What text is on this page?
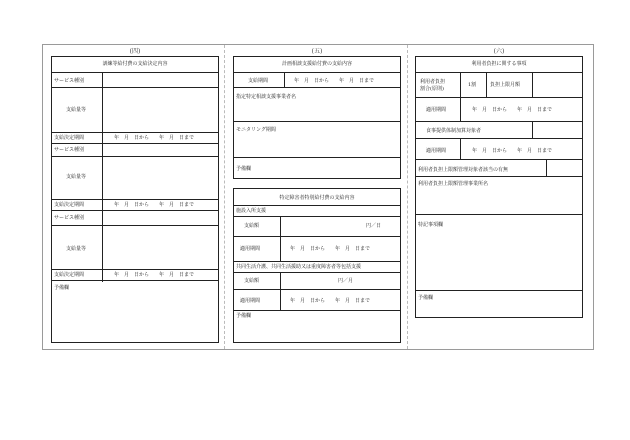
(四)
訓練等給付費の支給決定内容
サービス種別
支給量等
支給決定期間	年　月　日から　　年　月　日まで
サービス種別
支給量等
支給決定期間	年　月　日から　　年　月　日まで
サービス種別
支給量等
支給決定期間	年　月　日から　　年　月　日まで
予備欄
(五)
計画相談支援給付費の支給内容
支給期間	年　月　日から　　年　月　日まで
指定特定相談支援事業者名
モニタリング期間
予備欄
特定障害者特別給付費の支給内容
施設入所支援
支給額	円／日
適用期間	年　月　日から　　年　月　日まで
共同生活介護、共同生活援助又は重度障害者等包括支援
支給額	円／月
適用期間	年　月　日から　　年　月　日まで
予備欄
(六)
利用者負担に関する事項
利用者負担
割合(原則)
1割	負担上限月額
適用期間	年　月　日から　　年　月　日まで
食事提供体制加算対象者
適用期間	年　月　日から　　年　月　日まで
利用者負担上限額管理対象者該当の有無
利用者負担上限額管理事業所名
特記事項欄
予備欄
